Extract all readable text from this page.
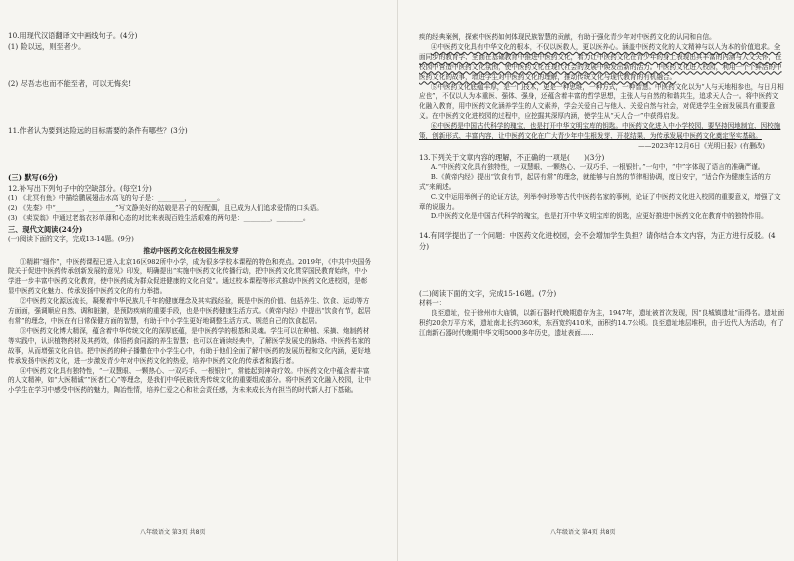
10.用现代汉语翻译文中画线句子。(4分)

(1) 险以远，则至者少。

(2) 尽吾志也而不能至者，可以无悔矣!

11.作者认为要到达险远的目标需要的条件有哪些？(3分)

(三) 默写(6分)

12.补写出下列句子中的空缺部分。(每空1分)

(1) 《北冥有鱼》中描绘鹏展翅击水高飞的句子是：________，________。

(2) 《先秦》中“________，________”写文静美好的姑娘是君子的好配偶，且已成为人们追求爱情的口头语。

(3) 《卖炭翁》中通过老翁衣衫单薄和心态的对比来表现百姓生活艰难的两句是：________，________。

三、现代文阅读(24分)

(一)阅读下面的文字，完成13-14题。(9分)

推动中医药文化在校园生根发芽

①精耕“细作”，中医药课程已进入北京16区982所中小学，成为很多学校本课程的特色和亮点。2019年，《中共中央国务院关于促进中医药传承创新发展的意见》印发，明确提出“实施中医药文化传播行动，把中医药文化贯穿国民教育始终，中小学进一步丰富中医药文化教育，使中医药成为群众促进健康的文化自觉”。通过校本课程等形式推动中医药文化进校园，是彰显中医药文化魅力、传承发扬中医药文化的有力举措。

②中医药文化源远流长，凝聚着中华民族几千年的健康理念及其实践经验，既是中医的价值、包括养生、饮食、运动等方方面面，强调顺应自然、调和脏腑，是预防疾病的重要手段，也是中医药健康生活方式。《黄帝内经》中提出“饮食有节，起居有常”的理念，中医在有日常保健方面的智慧，有助于中小学生更好地调整生活方式、规范自己的饮食起居。

③中医药文化博大精深，蕴含着中华传统文化的深厚底蕴，是中医药学的根基和灵魂。学生可以在种植、采摘、炮制药材等实践中，认识植物药材及其药效，体悟药食同源的养生智慧；也可以在诵读经典中，了解医学发展史的脉络、中医药名家的故事，从而增强文化自信。把中医药的种子播撒在中小学生心中，有助于他们全面了解中医药的发展历程和文化内涵，更好地传承发扬中医药文化，进一步激发青少年对中医药文化的热爱，培养中医药文化的传承者和践行者。

④中医药文化具有独特性，“一双慧眼、一颗热心、一双巧手、一根银针”，常能起到神奇疗效。中医药文化中蕴含着丰富的人文精神，如“大医精诚”“医者仁心”等理念，是我们中华民族优秀传统文化的重要组成部分。将中医药文化融入校园，让中小学生在学习中感受中医药的魅力，陶冶性情，培养仁爱之心和社会责任感，为未来成长为有担当的时代新人打下基础。

疾的经典案例，探索中医药如何体现民族智慧的贡献，有助于强化青少年对中医药文化的认同和自信。

④中医药文化具有中华文化的根本，不仅以医救人，更以医养心。涵盖中医药文化的人文精神与以人为本的价值追求。全面同步的教育学、全面在基础教育中推进中医药文化，着力让中医药文化在青少年的身上表现出其丰富的内涵与人文关怀，在校园中营造中医药文化氛围，使中医药文化在现代社会的发展中焕发出新的活力。中医药文化进入校园，利用一个个鲜活的中医药文化的故事，增进学生对中医药文化的理解，推动传统文化与现代教育的有机融合。

⑤中医药文化底蕴丰厚，是一门技术，更是一种思维，一种方式，一种智慧。中医药文化以为“人与天地相参也，与日月相应也”，不仅以人为本重医、强体、强身，还蕴含着丰富的哲学思想，主张人与自然的和谐共生，追求天人合一。将中医药文化融入教育，用中医药文化涵养学生的人文素养，学会关爱自己与他人、关爱自然与社会，对促进学生全面发展具有重要意义。在中医药文化进校园的过程中，应挖掘其深厚内涵，使学生从“天人合一”中获得启发。

⑥中医药是中国古代科学的瑰宝，也是打开中华文明宝库的钥匙。中医药文化进入中小学校园，要坚持因地制宜、因校施策，创新形式、丰富内容，让中医药文化在广大青少年中生根发芽、开花结果，为传承发展中医药文化奠定坚实基础。

——2023年12月6日《光明日报》(有删改)

13.下列关于文章内容的理解，不正确的一项是(　　)(3分)

A.“中医药文化具有独特性，一双慧眼、一颗热心、一双巧手、一根银针。”一句中，“中”字体现了语言的准确严谨。

B.《黄帝内经》提出“饮食有节，起居有常”的理念，就能够与自然的节律相协调，度日安宁，“适合作为健康生活的方式”来阐述。

C.文中运用举例子的论证方法，列举李时珍等古代中医药名家的事例，论证了中医药文化进入校园的重要意义，增强了文章的说服力。

D.中医药文化是中国古代科学的瑰宝，也是打开中华文明宝库的钥匙，应更好推进中医药文化在教育中的独特作用。

14.有同学提出了一个问题：中医药文化进校园，会不会增加学生负担？请你结合本文内容，为正方进行反驳。(4分)

(二)阅读下面的文字，完成15-16题。(7分)

材料一：

良至遗址，位于徐州市大庙镇，以新石器时代晚期遗存为主，1947年，遗址被首次发现，因“良城镇遗址”而得名。遗址面积约20余万平方米，遗址南北长约360米，东西宽约410米，面积约14.7公顷。良至遗址地层堆积，由于近代人为活动，有了江南新石器时代晚期中华文明5000多年历史，遗址表面......

八年级语文 第3页 共8页	八年级语文 第4页 共8页
